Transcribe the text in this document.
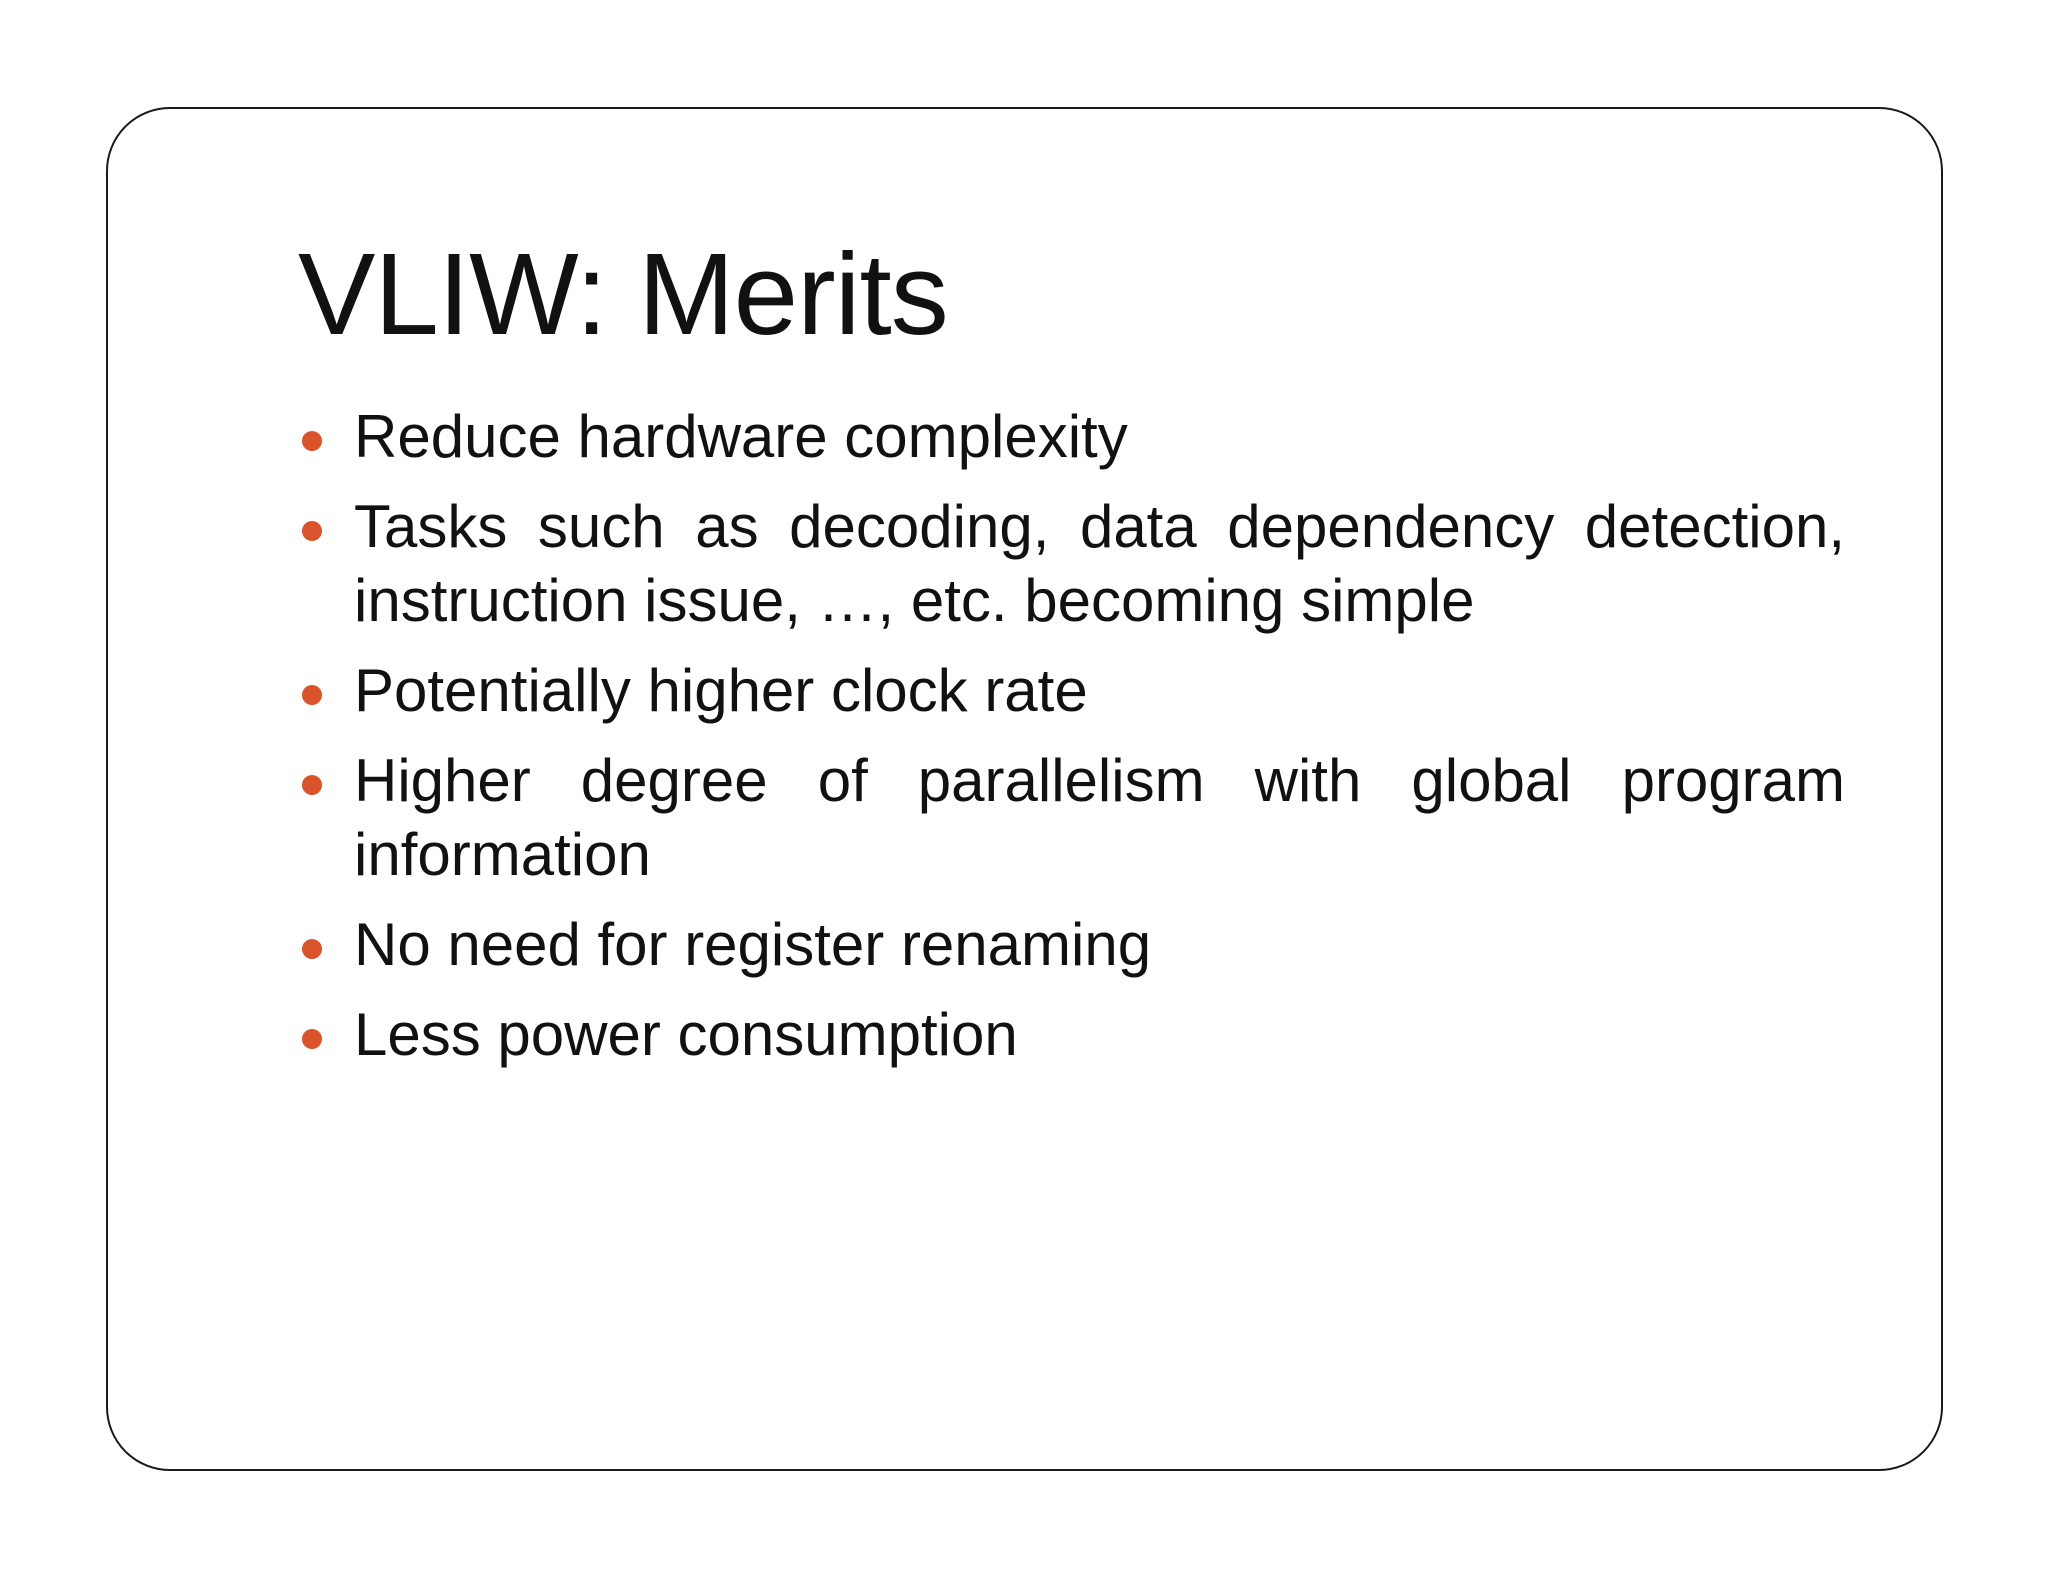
VLIW: Merits
Reduce hardware complexity
Tasks such as decoding, data dependency detection, instruction issue, …, etc. becoming simple
Potentially higher clock rate
Higher degree of parallelism with global program information
No need for register renaming
Less power consumption
